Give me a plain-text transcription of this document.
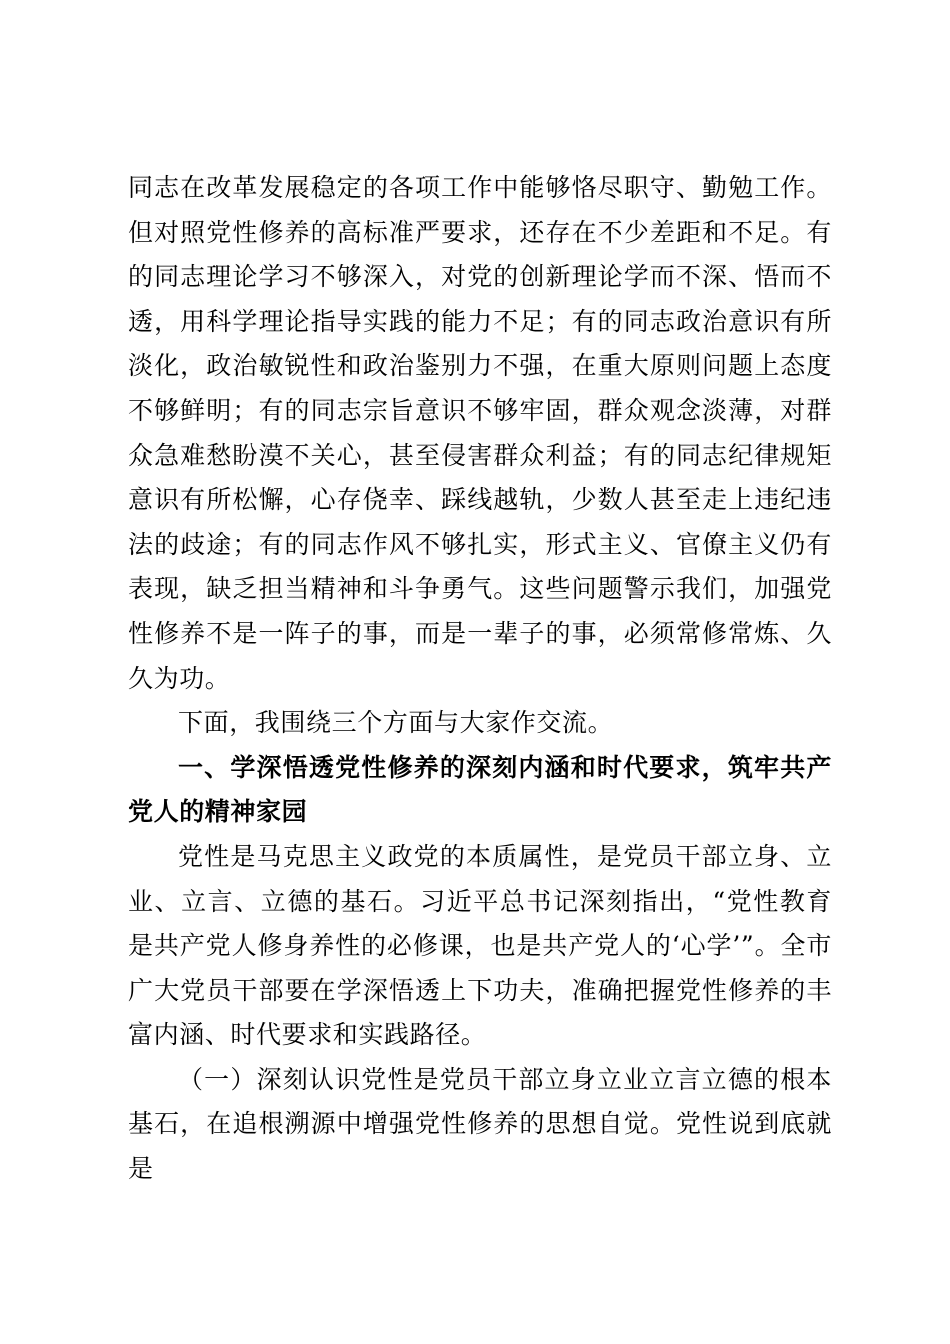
同志在改革发展稳定的各项工作中能够恪尽职守、勤勉工作。但对照党性修养的高标准严要求，还存在不少差距和不足。有的同志理论学习不够深入，对党的创新理论学而不深、悟而不透，用科学理论指导实践的能力不足；有的同志政治意识有所淡化，政治敏锐性和政治鉴别力不强，在重大原则问题上态度不够鲜明；有的同志宗旨意识不够牢固，群众观念淡薄，对群众急难愁盼漠不关心，甚至侵害群众利益；有的同志纪律规矩意识有所松懈，心存侥幸、踩线越轨，少数人甚至走上违纪违法的歧途；有的同志作风不够扎实，形式主义、官僚主义仍有表现，缺乏担当精神和斗争勇气。这些问题警示我们，加强党性修养不是一阵子的事，而是一辈子的事，必须常修常炼、久久为功。

下面，我围绕三个方面与大家作交流。

一、学深悟透党性修养的深刻内涵和时代要求，筑牢共产党人的精神家园

党性是马克思主义政党的本质属性，是党员干部立身、立业、立言、立德的基石。习近平总书记深刻指出，“党性教育是共产党人修身养性的必修课，也是共产党人的‘心学’”。全市广大党员干部要在学深悟透上下功夫，准确把握党性修养的丰富内涵、时代要求和实践路径。

（一）深刻认识党性是党员干部立身立业立言立德的根本基石，在追根溯源中增强党性修养的思想自觉。党性说到底就是
